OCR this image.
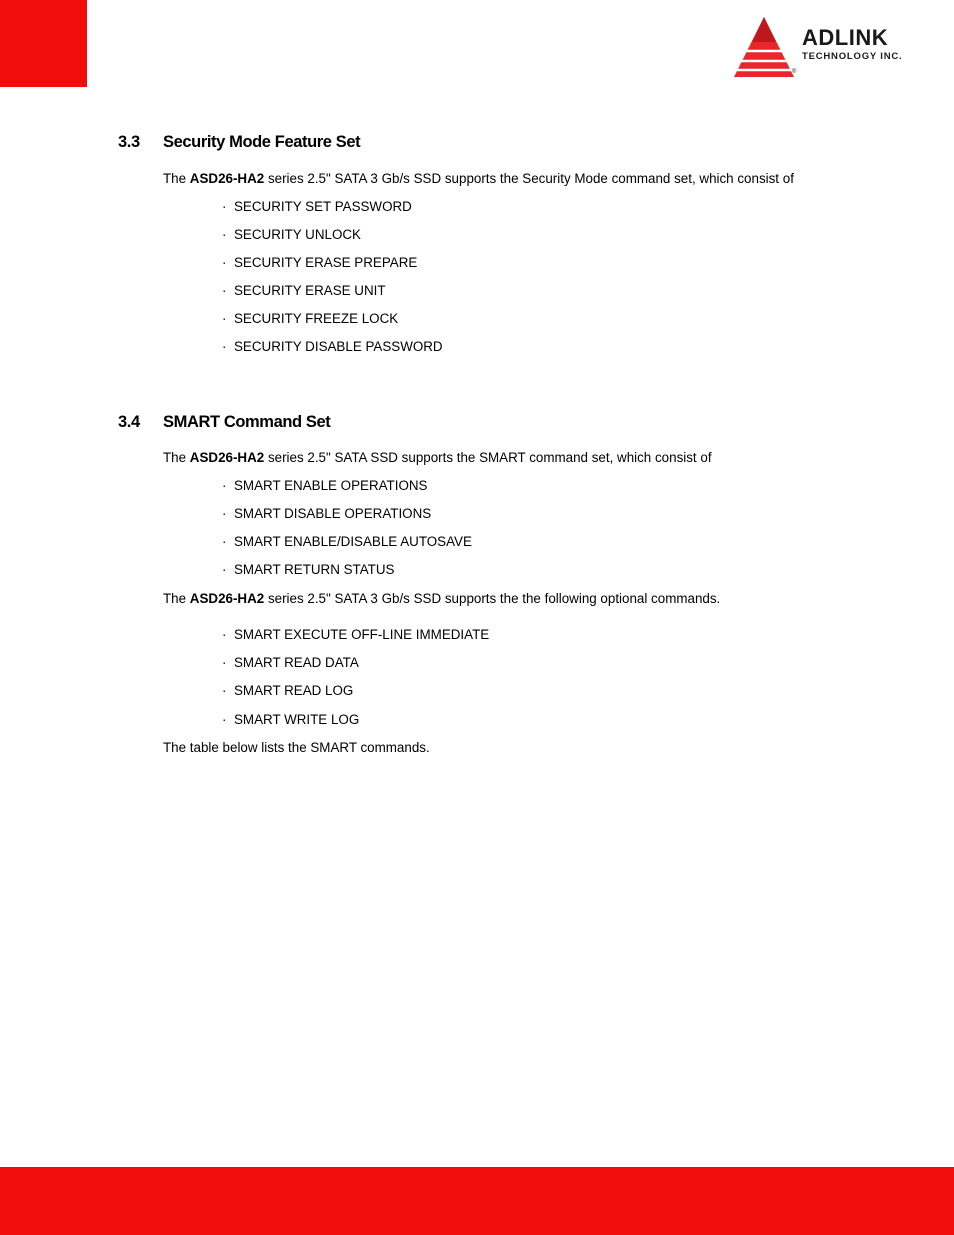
ADLINK
TECHNOLOGY INC.
®
3.3 Security Mode Feature Set
The ASD26-HA2 series 2.5" SATA 3 Gb/s SSD supports the Security Mode command set, which consist of
· SECURITY SET PASSWORD
· SECURITY UNLOCK
· SECURITY ERASE PREPARE
· SECURITY ERASE UNIT
· SECURITY FREEZE LOCK
· SECURITY DISABLE PASSWORD
3.4 SMART Command Set
The ASD26-HA2 series 2.5" SATA SSD supports the SMART command set, which consist of
· SMART ENABLE OPERATIONS
· SMART DISABLE OPERATIONS
· SMART ENABLE/DISABLE AUTOSAVE
· SMART RETURN STATUS
The ASD26-HA2 series 2.5" SATA 3 Gb/s SSD supports the the following optional commands.
· SMART EXECUTE OFF-LINE IMMEDIATE
· SMART READ DATA
· SMART READ LOG
· SMART WRITE LOG
The table below lists the SMART commands.
